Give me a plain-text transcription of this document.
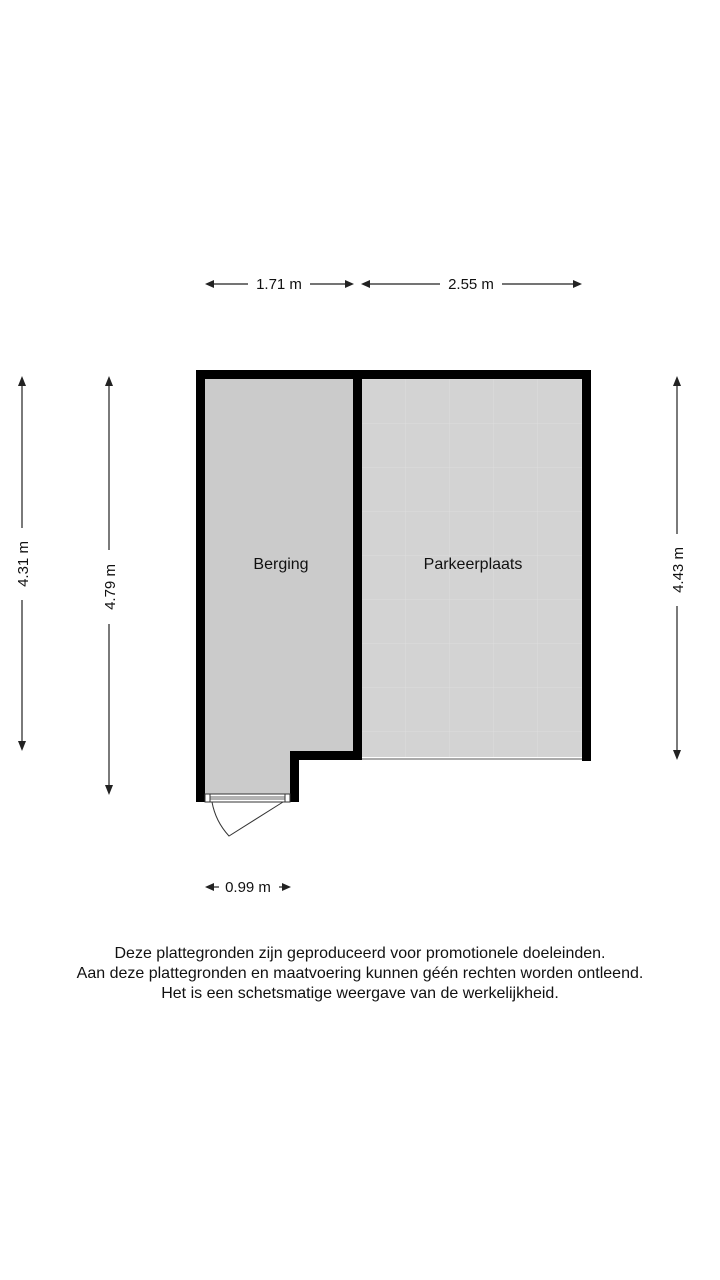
Berging	Parkeerplaats
1.71 m	2.55 m
4.31 m
4.79 m	4.43 m
0.99 m
Deze plattegronden zijn geproduceerd voor promotionele doeleinden.
Aan deze plattegronden en maatvoering kunnen géén rechten worden ontleend.
Het is een schetsmatige weergave van de werkelijkheid.
